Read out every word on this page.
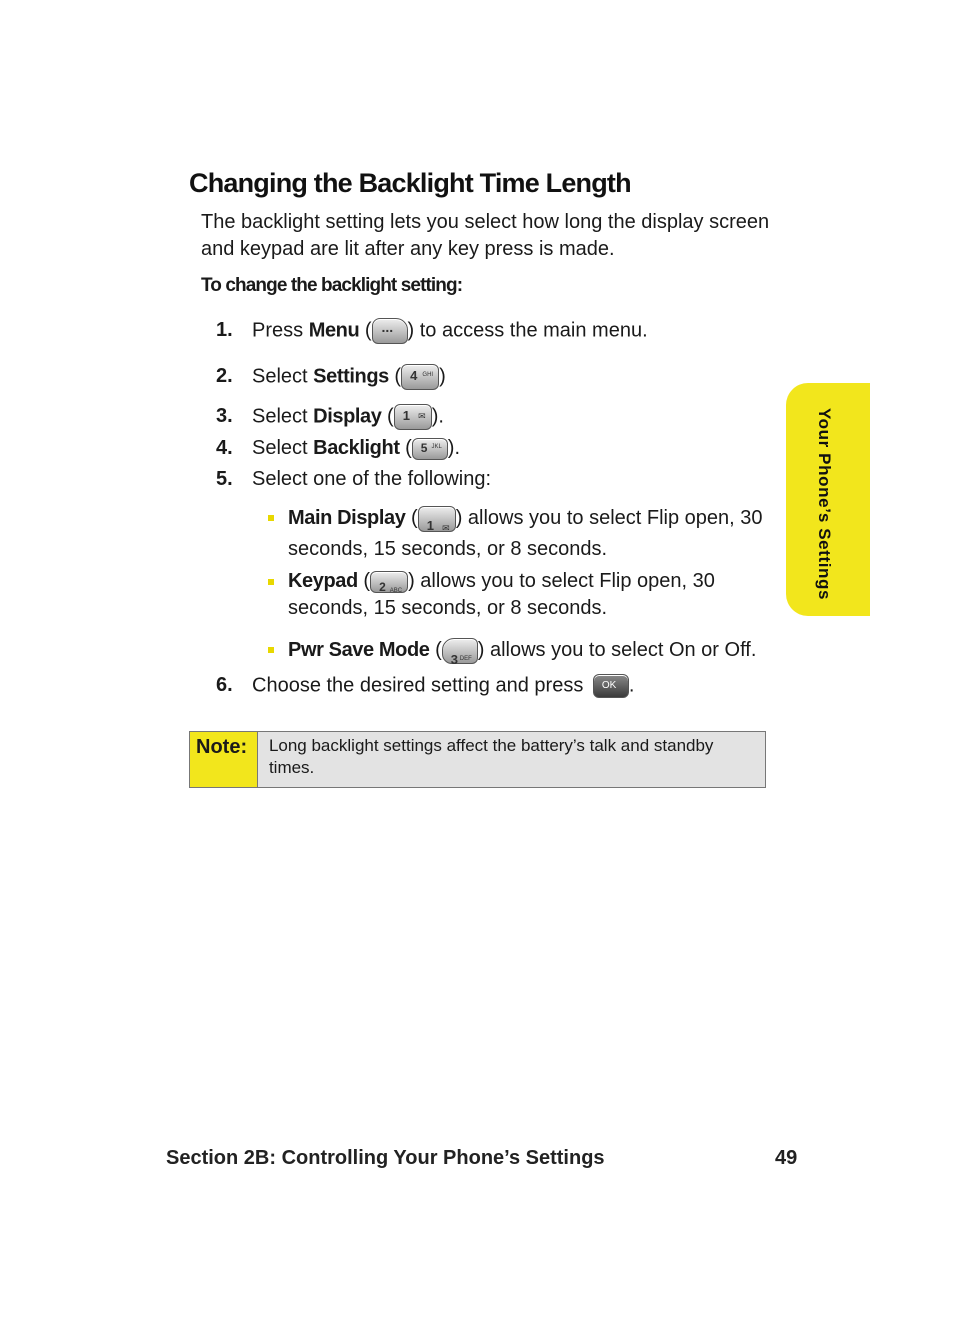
Changing the Backlight Time Length

The backlight setting lets you select how long the display screen and keypad are lit after any key press is made.

To change the backlight setting:

1. Press Menu ( ... ) to access the main menu.
2. Select Settings ( 4 GHI )
3. Select Display ( 1 ✉ ).
4. Select Backlight ( 5 JKL ).
5. Select one of the following:
Main Display ( 1 ✉ ) allows you to select Flip open, 30 seconds, 15 seconds, or 8 seconds.
Keypad ( 2 ABC ) allows you to select Flip open, 30 seconds, 15 seconds, or 8 seconds.
Pwr Save Mode ( 3 DEF ) allows you to select On or Off.
6. Choose the desired setting and press OK .
Note:	Long backlight settings affect the battery’s talk and standby times.
Your Phone’s Settings
Section 2B: Controlling Your Phone’s Settings	49
